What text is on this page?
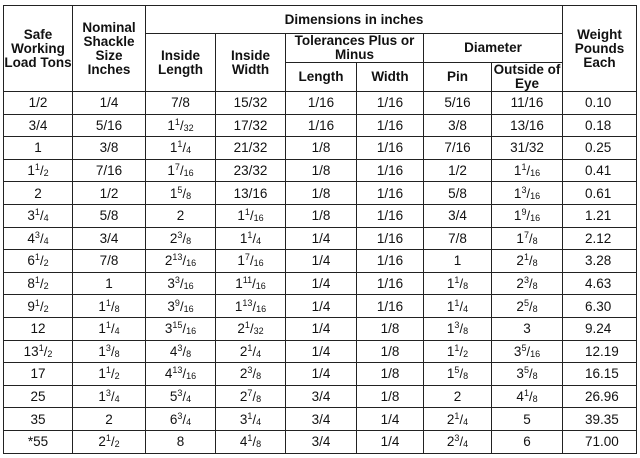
Safe Working Load Tons	Nominal Shackle Size Inches	Dimensions in inches						Weight Pounds Each
		Inside Length	Inside Width	Tolerances Plus or Minus		Diameter		
				Length	Width	Pin	Outside of Eye	
1/2	1/4	7/8	15/32	1/16	1/16	5/16	11/16	0.10
3/4	5/16	$1^1/_{32}$	17/32	1/16	1/16	3/8	13/16	0.18
1	3/8	$1^1/_4$	21/32	1/8	1/16	7/16	31/32	0.25
$1^1/_2$	7/16	$1^7/_{16}$	23/32	1/8	1/16	1/2	$1^1/_{16}$	0.41
2	1/2	$1^5/_8$	13/16	1/8	1/16	5/8	$1^3/_{16}$	0.61
$3^1/_4$	5/8	2	$1^1/_{16}$	1/8	1/16	3/4	$1^9/_{16}$	1.21
$4^3/_4$	3/4	$2^3/_8$	$1^1/_4$	1/4	1/16	7/8	$1^7/_8$	2.12
$6^1/_2$	7/8	$2^{13}/_{16}$	$1^7/_{16}$	1/4	1/16	1	$2^1/_8$	3.28
$8^1/_2$	1	$3^3/_{16}$	$1^{11}/_{16}$	1/4	1/16	$1^1/_8$	$2^3/_8$	4.63
$9^1/_2$	$1^1/_8$	$3^9/_{16}$	$1^{13}/_{16}$	1/4	1/16	$1^1/_4$	$2^5/_8$	6.30
12	$1^1/_4$	$3^{15}/_{16}$	$2^1/_{32}$	1/4	1/8	$1^3/_8$	3	9.24
$13^1/_2$	$1^3/_8$	$4^3/_8$	$2^1/_4$	1/4	1/8	$1^1/_2$	$3^5/_{16}$	12.19
17	$1^1/_2$	$4^{13}/_{16}$	$2^3/_8$	1/4	1/8	$1^5/_8$	$3^5/_8$	16.15
25	$1^3/_4$	$5^3/_4$	$2^7/_8$	3/4	1/8	2	$4^1/_8$	26.96
35	2	$6^3/_4$	$3^1/_4$	3/4	1/4	$2^1/_4$	5	39.35
*55	$2^1/_2$	8	$4^1/_8$	3/4	1/4	$2^3/_4$	6	71.00
